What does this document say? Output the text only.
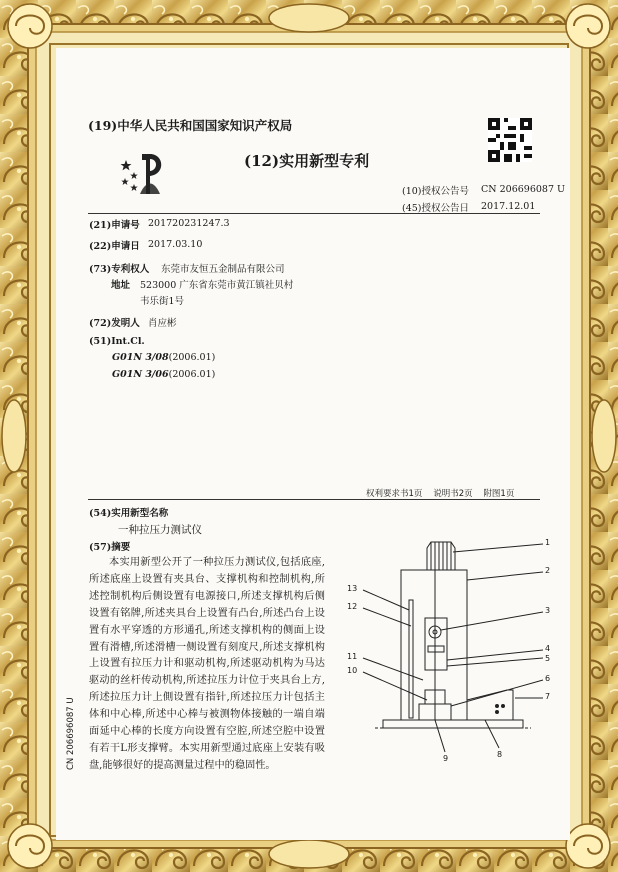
(19)中华人民共和国国家知识产权局
(12)实用新型专利
(10)授权公告号 CN 206696087 U
(45)授权公告日 2017.12.01
(21)申请号 201720231247.3
(22)申请日 2017.03.10
(73)专利权人 东莞市友恒五金制品有限公司
地址 523000 广东省东莞市黄江镇社贝村
韦乐街1号
(72)发明人 肖应彬
(51)Int.Cl.
G01N 3/08(2006.01)
G01N 3/06(2006.01)
权利要求书1页    说明书2页    附图1页
(54)实用新型名称
一种拉压力测试仪
(57)摘要
本实用新型公开了一种拉压力测试仪,包括底座,所述底座上设置有夹具台、支撑机构和控制机构,所述控制机构后侧设置有电源接口,所述支撑机构后侧设置有铭牌,所述夹具台上设置有凸台,所述凸台上设置有水平穿透的方形通孔,所述支撑机构的侧面上设置有滑槽,所述滑槽一侧设置有刻度尺,所述支撑机构上设置有拉压力计和驱动机构,所述驱动机构为马达驱动的丝杆传动机构,所述拉压力计位于夹具台上方,所述拉压力计上側设置有指针,所述拉压力计包括主体和中心棒,所述中心棒与被测物体接触的一端自端面延中心棒的长度方向设置有空腔,所述空腔中设置有若干L形支撑臂。本实用新型通过底座上安装有吸盘,能够很好的提高测量过程中的稳固性。
1
2
3
4
5
6
7
8
9
10
11
12
13
CN 206696087 U
